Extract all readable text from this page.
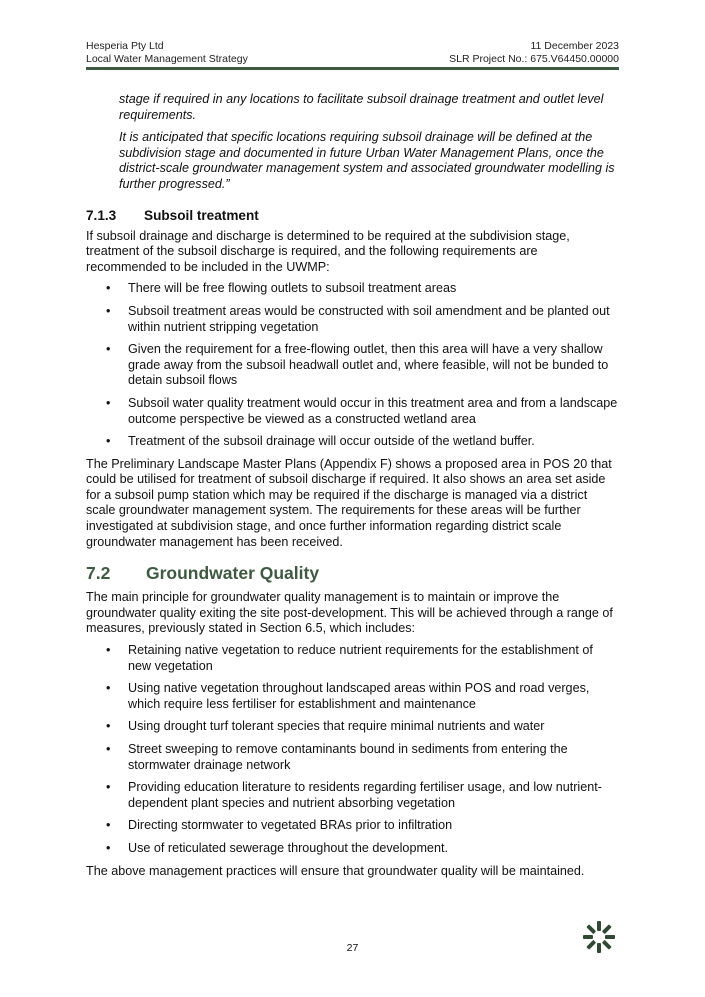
Hesperia Pty Ltd	11 December 2023
Local Water Management Strategy	SLR Project No.: 675.V64450.00000

stage if required in any locations to facilitate subsoil drainage treatment and outlet level requirements.

It is anticipated that specific locations requiring subsoil drainage will be defined at the subdivision stage and documented in future Urban Water Management Plans, once the district-scale groundwater management system and associated groundwater modelling is further progressed.”

7.1.3	Subsoil treatment

If subsoil drainage and discharge is determined to be required at the subdivision stage, treatment of the subsoil discharge is required, and the following requirements are recommended to be included in the UWMP:

• There will be free flowing outlets to subsoil treatment areas
• Subsoil treatment areas would be constructed with soil amendment and be planted out within nutrient stripping vegetation
• Given the requirement for a free-flowing outlet, then this area will have a very shallow grade away from the subsoil headwall outlet and, where feasible, will not be bunded to detain subsoil flows
• Subsoil water quality treatment would occur in this treatment area and from a landscape outcome perspective be viewed as a constructed wetland area
• Treatment of the subsoil drainage will occur outside of the wetland buffer.

The Preliminary Landscape Master Plans (Appendix F) shows a proposed area in POS 20 that could be utilised for treatment of subsoil discharge if required. It also shows an area set aside for a subsoil pump station which may be required if the discharge is managed via a district scale groundwater management system. The requirements for these areas will be further investigated at subdivision stage, and once further information regarding district scale groundwater management has been received.

7.2	Groundwater Quality

The main principle for groundwater quality management is to maintain or improve the groundwater quality exiting the site post-development. This will be achieved through a range of measures, previously stated in Section 6.5, which includes:

• Retaining native vegetation to reduce nutrient requirements for the establishment of new vegetation
• Using native vegetation throughout landscaped areas within POS and road verges, which require less fertiliser for establishment and maintenance
• Using drought turf tolerant species that require minimal nutrients and water
• Street sweeping to remove contaminants bound in sediments from entering the stormwater drainage network
• Providing education literature to residents regarding fertiliser usage, and low nutrient-dependent plant species and nutrient absorbing vegetation
• Directing stormwater to vegetated BRAs prior to infiltration
• Use of reticulated sewerage throughout the development.

The above management practices will ensure that groundwater quality will be maintained.

27
